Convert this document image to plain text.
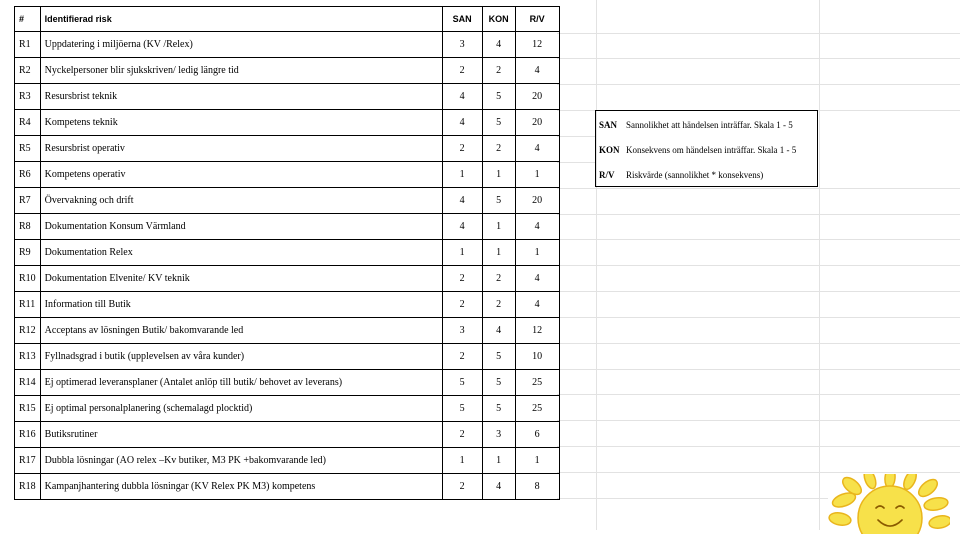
#	Identifierad risk	SAN	KON	R/V
R1	Uppdatering i miljöerna (KV /Relex)	3	4	12
R2	Nyckelpersoner blir sjukskriven/ ledig längre tid	2	2	4
R3	Resursbrist teknik	4	5	20
R4	Kompetens teknik	4	5	20
R5	Resursbrist operativ	2	2	4
R6	Kompetens operativ	1	1	1
R7	Övervakning och drift	4	5	20
R8	Dokumentation Konsum Värmland	4	1	4
R9	Dokumentation Relex	1	1	1
R10	Dokumentation Elvenite/ KV teknik	2	2	4
R11	Information till Butik	2	2	4
R12	Acceptans av lösningen Butik/ bakomvarande led	3	4	12
R13	Fyllnadsgrad i butik (upplevelsen av våra kunder)	2	5	10
R14	Ej optimerad leveransplaner (Antalet anlöp till butik/ behovet av leverans)	5	5	25
R15	Ej optimal personalplanering (schemalagd plocktid)	5	5	25
R16	Butiksrutiner	2	3	6
R17	Dubbla lösningar (AO relex –Kv butiker, M3 PK +bakomvarande led)	1	1	1
R18	Kampanjhantering dubbla lösningar (KV Relex PK M3) kompetens	2	4	8
SAN Sannolikhet att händelsen inträffar. Skala 1 - 5
KON Konsekvens om händelsen inträffar. Skala 1 - 5
R/V Riskvärde (sannolikhet * konsekvens)
